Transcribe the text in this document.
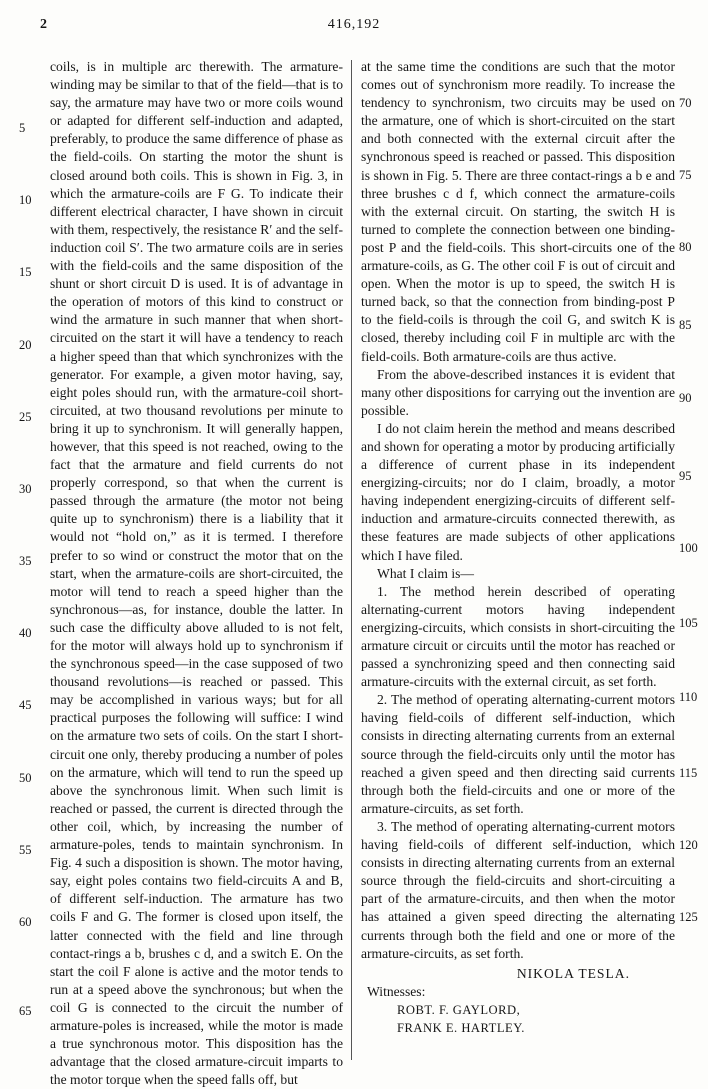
2	416,192

coils, is in multiple arc therewith. The armature-winding may be similar to that of the field—that is to say, the armature may have two or more coils wound or adapted for different self-induction and adapted, preferably, to produce the same difference of phase as the field-coils. On starting the motor the shunt is closed around both coils. This is shown in Fig. 3, in which the armature-coils are F G. To indicate their different electrical character, I have shown in circuit with them, respectively, the resistance R′ and the self-induction coil S′. The two armature coils are in series with the field-coils and the same disposition of the shunt or short circuit D is used. It is of advantage in the operation of motors of this kind to construct or wind the armature in such manner that when short-circuited on the start it will have a tendency to reach a higher speed than that which synchronizes with the generator. For example, a given motor having, say, eight poles should run, with the armature-coil short-circuited, at two thousand revolutions per minute to bring it up to synchronism. It will generally happen, however, that this speed is not reached, owing to the fact that the armature and field currents do not properly correspond, so that when the current is passed through the armature (the motor not being quite up to synchronism) there is a liability that it would not “hold on,” as it is termed. I therefore prefer to so wind or construct the motor that on the start, when the armature-coils are short-circuited, the motor will tend to reach a speed higher than the synchronous—as, for instance, double the latter. In such case the difficulty above alluded to is not felt, for the motor will always hold up to synchronism if the synchronous speed—in the case supposed of two thousand revolutions—is reached or passed. This may be accomplished in various ways; but for all practical purposes the following will suffice: I wind on the armature two sets of coils. On the start I short-circuit one only, thereby producing a number of poles on the armature, which will tend to run the speed up above the synchronous limit. When such limit is reached or passed, the current is directed through the other coil, which, by increasing the number of armature-poles, tends to maintain synchronism. In Fig. 4 such a disposition is shown. The motor having, say, eight poles contains two field-circuits A and B, of different self-induction. The armature has two coils F and G. The former is closed upon itself, the latter connected with the field and line through contact-rings a b, brushes c d, and a switch E. On the start the coil F alone is active and the motor tends to run at a speed above the synchronous; but when the coil G is connected to the circuit the number of armature-poles is increased, while the motor is made a true synchronous motor. This disposition has the advantage that the closed armature-circuit imparts to the motor torque when the speed falls off, but

at the same time the conditions are such that the motor comes out of synchronism more readily. To increase the tendency to synchronism, two circuits may be used on the armature, one of which is short-circuited on the start and both connected with the external circuit after the synchronous speed is reached or passed. This disposition is shown in Fig. 5. There are three contact-rings a b e and three brushes c d f, which connect the armature-coils with the external circuit. On starting, the switch H is turned to complete the connection between one binding-post P and the field-coils. This short-circuits one of the armature-coils, as G. The other coil F is out of circuit and open. When the motor is up to speed, the switch H is turned back, so that the connection from binding-post P to the field-coils is through the coil G, and switch K is closed, thereby including coil F in multiple arc with the field-coils. Both armature-coils are thus active.

From the above-described instances it is evident that many other dispositions for carrying out the invention are possible.

I do not claim herein the method and means described and shown for operating a motor by producing artificially a difference of current phase in its independent energizing-circuits; nor do I claim, broadly, a motor having independent energizing-circuits of different self-induction and armature-circuits connected therewith, as these features are made subjects of other applications which I have filed.

What I claim is—

1. The method herein described of operating alternating-current motors having independent energizing-circuits, which consists in short-circuiting the armature circuit or circuits until the motor has reached or passed a synchronizing speed and then connecting said armature-circuits with the external circuit, as set forth.

2. The method of operating alternating-current motors having field-coils of different self-induction, which consists in directing alternating currents from an external source through the field-circuits only until the motor has reached a given speed and then directing said currents through both the field-circuits and one or more of the armature-circuits, as set forth.

3. The method of operating alternating-current motors having field-coils of different self-induction, which consists in directing alternating currents from an external source through the field-circuits and short-circuiting a part of the armature-circuits, and then when the motor has attained a given speed directing the alternating currents through both the field and one or more of the armature-circuits, as set forth.

NIKOLA TESLA.
Witnesses:
ROBT. F. GAYLORD,
FRANK E. HARTLEY.
5
10
15
20
25
30
35
40
45
50
55
60
65
70
75
80
85
90
95
100
105
110
115
120
125
